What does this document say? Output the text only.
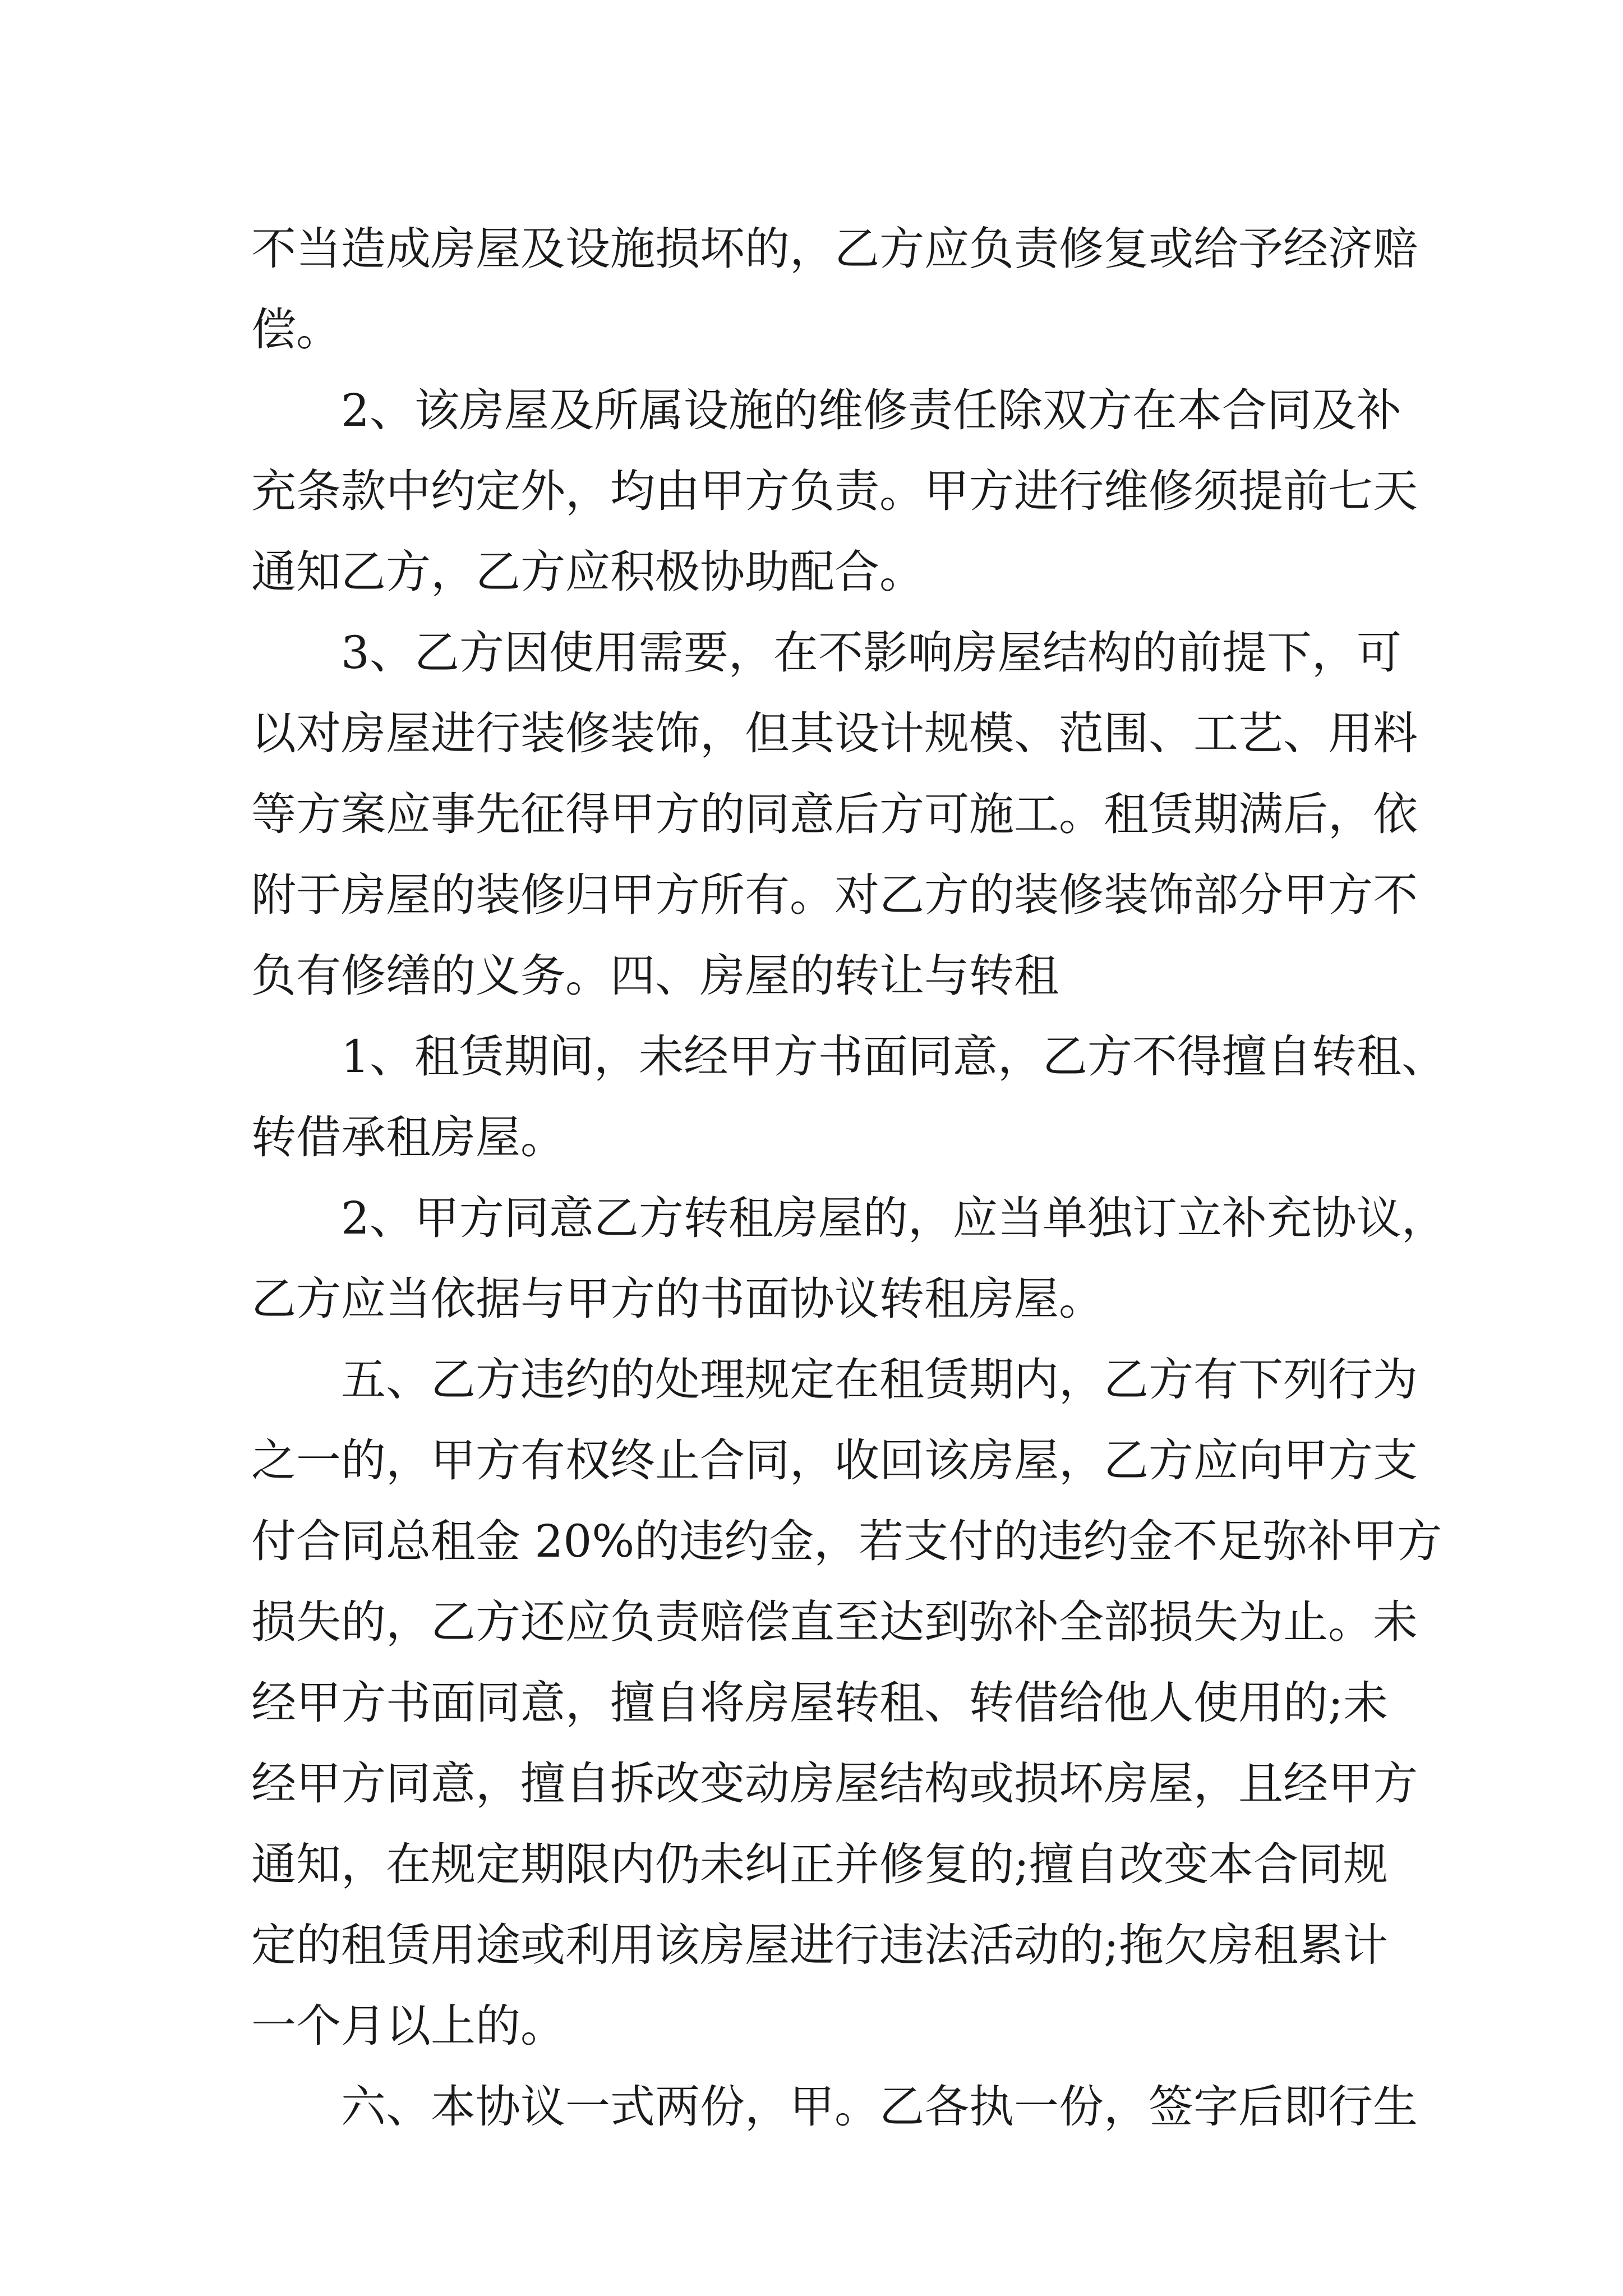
不当造成房屋及设施损坏的，乙方应负责修复或给予经济赔
偿。
2、该房屋及所属设施的维修责任除双方在本合同及补
充条款中约定外，均由甲方负责。甲方进行维修须提前七天
通知乙方，乙方应积极协助配合。
3、乙方因使用需要，在不影响房屋结构的前提下，可
以对房屋进行装修装饰，但其设计规模、范围、工艺、用料
等方案应事先征得甲方的同意后方可施工。租赁期满后，依
附于房屋的装修归甲方所有。对乙方的装修装饰部分甲方不
负有修缮的义务。四、房屋的转让与转租
1、租赁期间，未经甲方书面同意，乙方不得擅自转租、
转借承租房屋。
2、甲方同意乙方转租房屋的，应当单独订立补充协议，
乙方应当依据与甲方的书面协议转租房屋。
五、乙方违约的处理规定在租赁期内，乙方有下列行为
之一的，甲方有权终止合同，收回该房屋，乙方应向甲方支
付合同总租金 20%的违约金，若支付的违约金不足弥补甲方
损失的，乙方还应负责赔偿直至达到弥补全部损失为止。未
经甲方书面同意，擅自将房屋转租、转借给他人使用的;未
经甲方同意，擅自拆改变动房屋结构或损坏房屋，且经甲方
通知，在规定期限内仍未纠正并修复的;擅自改变本合同规
定的租赁用途或利用该房屋进行违法活动的;拖欠房租累计
一个月以上的。
六、本协议一式两份，甲。乙各执一份，签字后即行生
